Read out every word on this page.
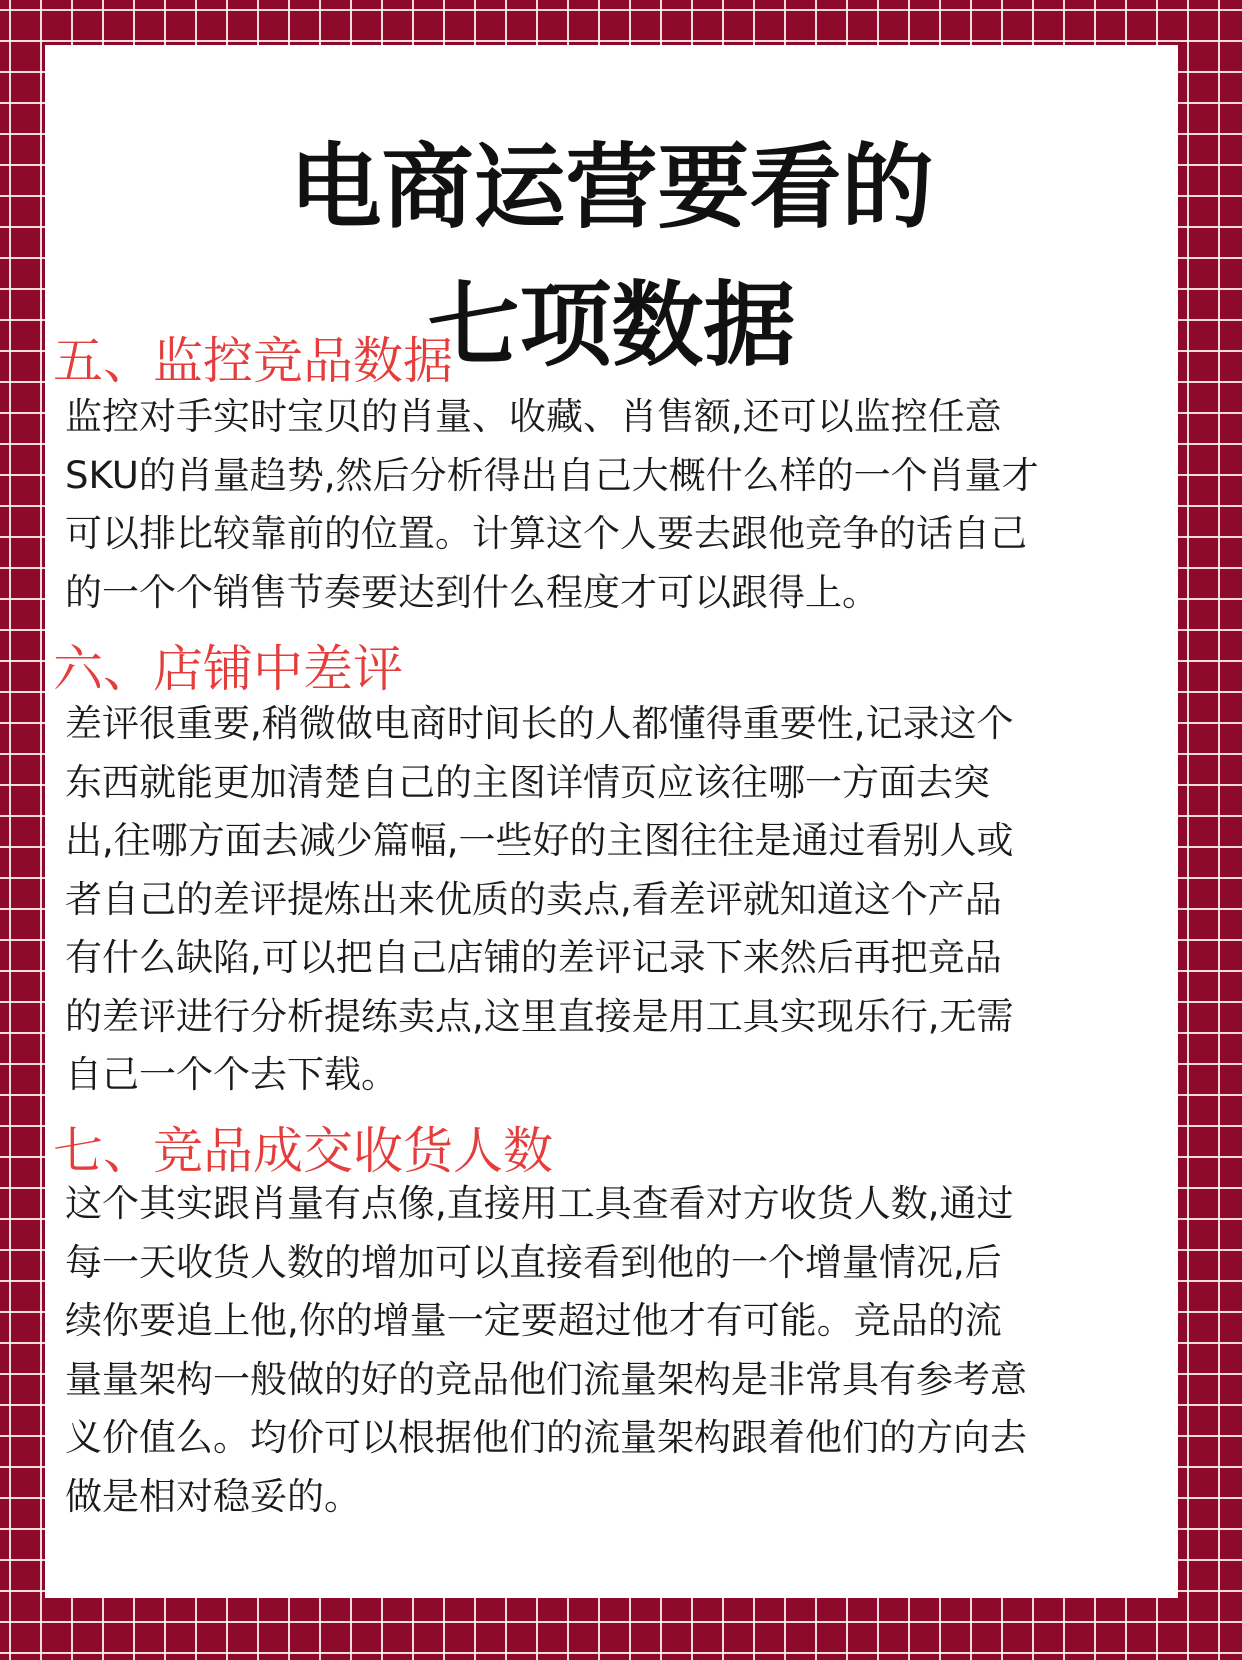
电商运营要看的
七项数据
五、监控竞品数据
监控对手实时宝贝的肖量、收藏、肖售额,还可以监控任意
SKU的肖量趋势,然后分析得出自己大概什么样的一个肖量才
可以排比较靠前的位置。计算这个人要去跟他竞争的话自己
的一个个销售节奏要达到什么程度才可以跟得上。
六、店铺中差评
差评很重要,稍微做电商时间长的人都懂得重要性,记录这个
东西就能更加清楚自己的主图详情页应该往哪一方面去突
出,往哪方面去减少篇幅,一些好的主图往往是通过看别人或
者自己的差评提炼出来优质的卖点,看差评就知道这个产品
有什么缺陷,可以把自己店铺的差评记录下来然后再把竞品
的差评进行分析提练卖点,这里直接是用工具实现乐行,无需
自己一个个去下载。
七、竞品成交收货人数
这个其实跟肖量有点像,直接用工具查看对方收货人数,通过
每一天收货人数的增加可以直接看到他的一个增量情况,后
续你要追上他,你的增量一定要超过他才有可能。竞品的流
量量架构一般做的好的竞品他们流量架构是非常具有参考意
义价值么。均价可以根据他们的流量架构跟着他们的方向去
做是相对稳妥的。
